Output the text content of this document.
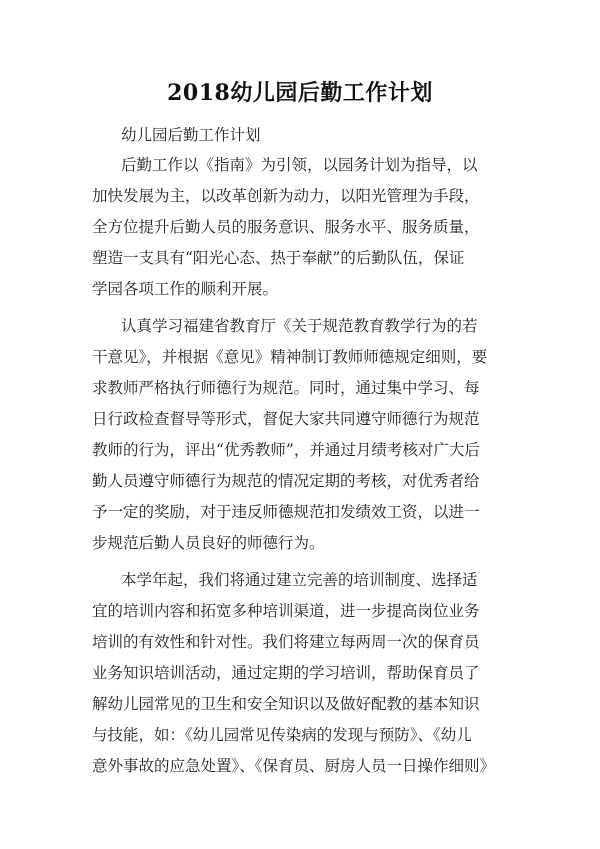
2018幼儿园后勤工作计划

幼儿园后勤工作计划

后勤工作以《指南》为引领，以园务计划为指导，以

加快发展为主，以改革创新为动力，以阳光管理为手段，

全方位提升后勤人员的服务意识、服务水平、服务质量，

塑造一支具有“阳光心态、热于奉献”的后勤队伍，保证

学园各项工作的顺利开展。

认真学习福建省教育厅《关于规范教育教学行为的若

干意见》，并根据《意见》精神制订教师师德规定细则，要

求教师严格执行师德行为规范。同时，通过集中学习、每

日行政检查督导等形式，督促大家共同遵守师德行为规范

教师的行为，评出“优秀教师”，并通过月绩考核对广大后

勤人员遵守师德行为规范的情况定期的考核，对优秀者给

予一定的奖励，对于违反师德规范扣发绩效工资，以进一

步规范后勤人员良好的师德行为。

本学年起，我们将通过建立完善的培训制度、选择适

宜的培训内容和拓宽多种培训渠道，进一步提高岗位业务

培训的有效性和针对性。我们将建立每两周一次的保育员

业务知识培训活动，通过定期的学习培训，帮助保育员了

解幼儿园常见的卫生和安全知识以及做好配教的基本知识

与技能，如：《幼儿园常见传染病的发现与预防》、《幼儿

意外事故的应急处置》、《保育员、厨房人员一日操作细则》
